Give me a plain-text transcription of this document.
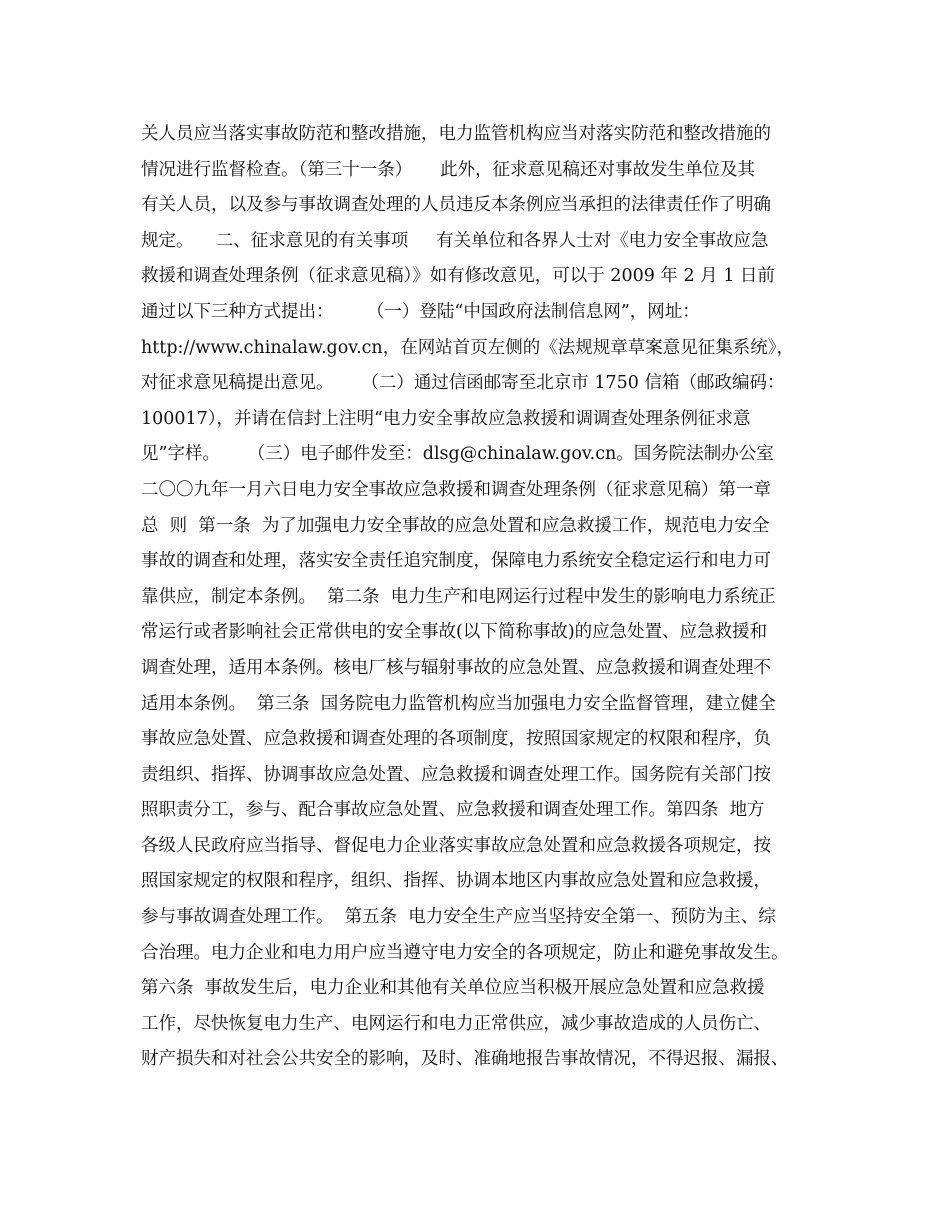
关人员应当落实事故防范和整改措施，电力监管机构应当对落实防范和整改措施的
情况进行监督检查。（第三十一条）     此外，征求意见稿还对事故发生单位及其
有关人员，以及参与事故调查处理的人员违反本条例应当承担的法律责任作了明确
规定。    二、征求意见的有关事项     有关单位和各界人士对《电力安全事故应急
救援和调查处理条例（征求意见稿）》如有修改意见，可以于 2009 年 2 月 1 日前
通过以下三种方式提出：      （一）登陆“中国政府法制信息网”，网址：
http://www.chinalaw.gov.cn，在网站首页左侧的《法规规章草案意见征集系统》，
对征求意见稿提出意见。     （二）通过信函邮寄至北京市 1750 信箱（邮政编码：
100017），并请在信封上注明“电力安全事故应急救援和调调查处理条例征求意
见”字样。     （三）电子邮件发至：dlsg@chinalaw.gov.cn。国务院法制办公室
二〇〇九年一月六日电力安全事故应急救援和调查处理条例（征求意见稿）第一章
总  则  第一条  为了加强电力安全事故的应急处置和应急救援工作，规范电力安全
事故的调查和处理，落实安全责任追究制度，保障电力系统安全稳定运行和电力可
靠供应，制定本条例。  第二条  电力生产和电网运行过程中发生的影响电力系统正
常运行或者影响社会正常供电的安全事故(以下简称事故)的应急处置、应急救援和
调查处理，适用本条例。核电厂核与辐射事故的应急处置、应急救援和调查处理不
适用本条例。  第三条  国务院电力监管机构应当加强电力安全监督管理，建立健全
事故应急处置、应急救援和调查处理的各项制度，按照国家规定的权限和程序，负
责组织、指挥、协调事故应急处置、应急救援和调查处理工作。国务院有关部门按
照职责分工，参与、配合事故应急处置、应急救援和调查处理工作。第四条  地方
各级人民政府应当指导、督促电力企业落实事故应急处置和应急救援各项规定，按
照国家规定的权限和程序，组织、指挥、协调本地区内事故应急处置和应急救援，
参与事故调查处理工作。  第五条  电力安全生产应当坚持安全第一、预防为主、综
合治理。电力企业和电力用户应当遵守电力安全的各项规定，防止和避免事故发生。
第六条  事故发生后，电力企业和其他有关单位应当积极开展应急处置和应急救援
工作，尽快恢复电力生产、电网运行和电力正常供应，减少事故造成的人员伤亡、
财产损失和对社会公共安全的影响，及时、准确地报告事故情况，不得迟报、漏报、
